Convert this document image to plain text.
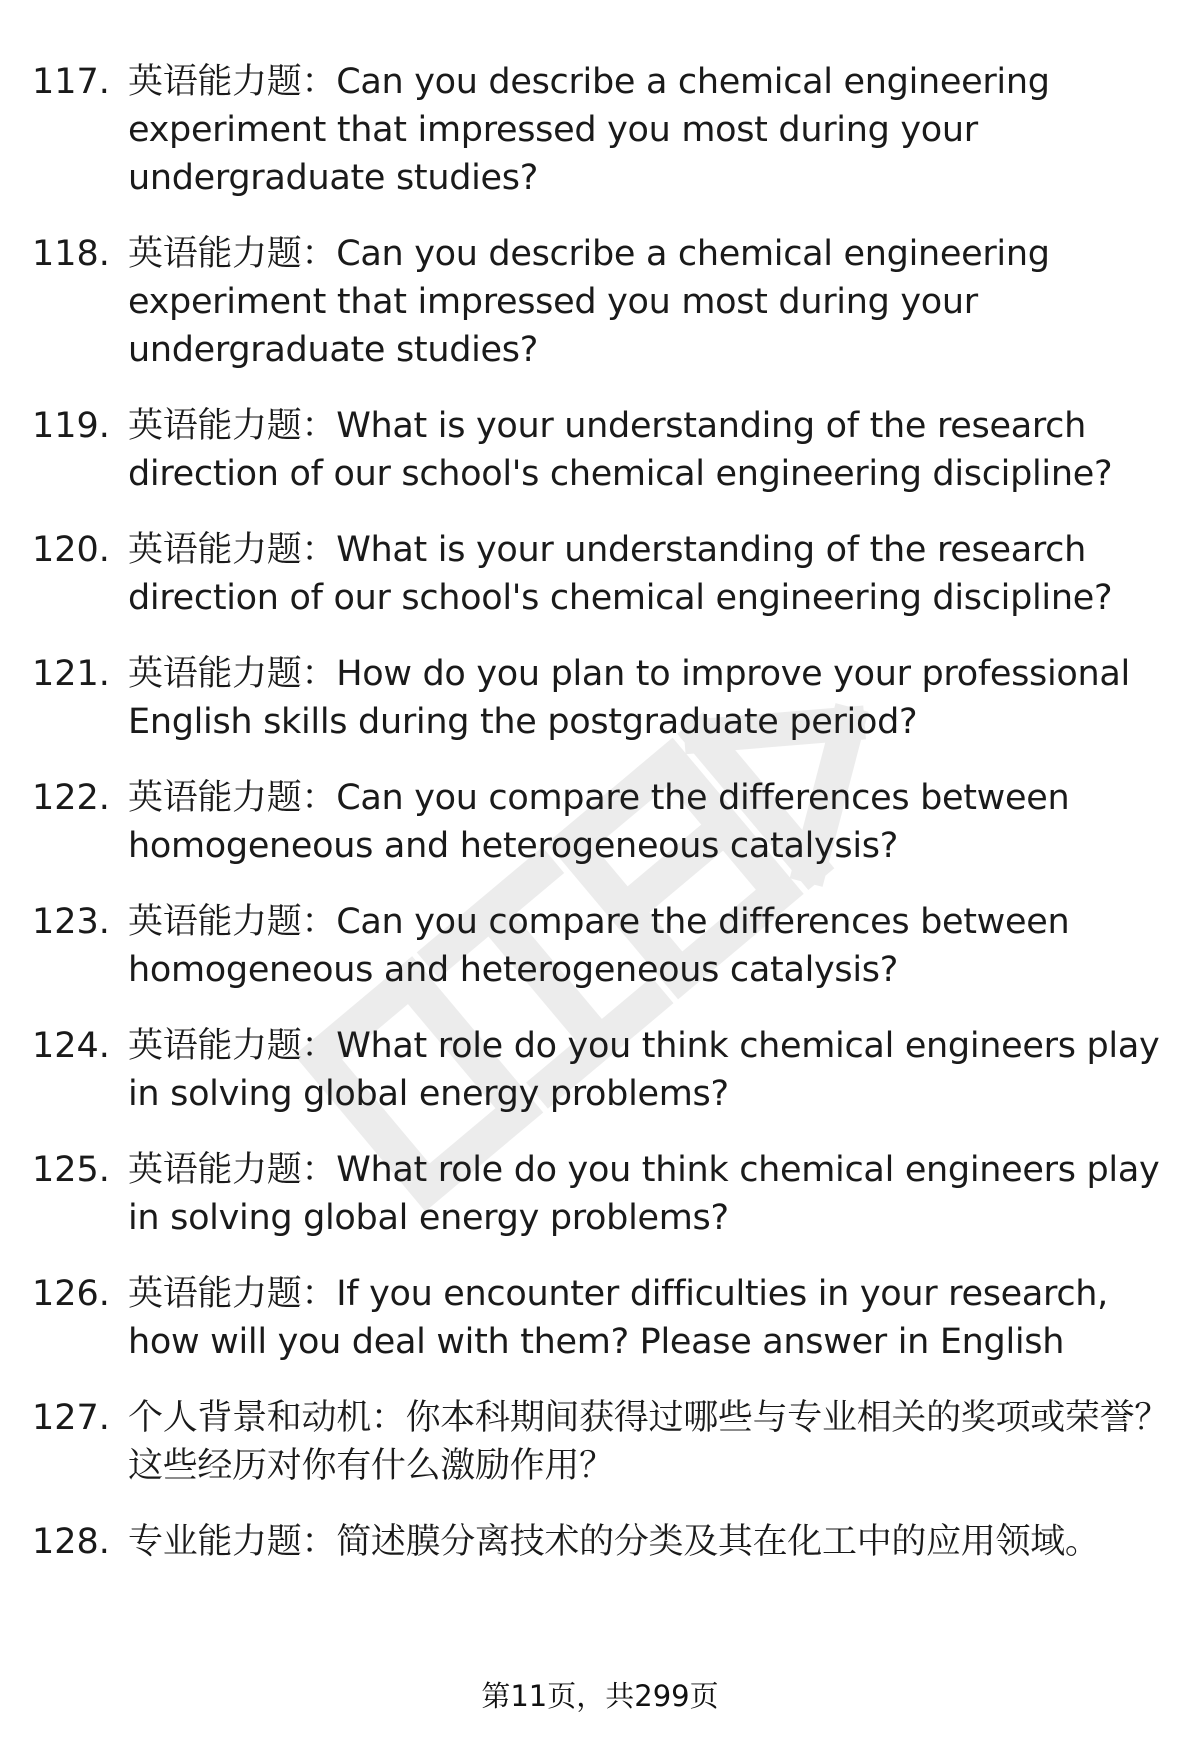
117. 英语能力题：Can you describe a chemical engineering experiment that impressed you most during your undergraduate studies?
118. 英语能力题：Can you describe a chemical engineering experiment that impressed you most during your undergraduate studies?
119. 英语能力题：What is your understanding of the research direction of our school's chemical engineering discipline?
120. 英语能力题：What is your understanding of the research direction of our school's chemical engineering discipline?
121. 英语能力题：How do you plan to improve your professional English skills during the postgraduate period?
122. 英语能力题：Can you compare the differences between homogeneous and heterogeneous catalysis?
123. 英语能力题：Can you compare the differences between homogeneous and heterogeneous catalysis?
124. 英语能力题：What role do you think chemical engineers play in solving global energy problems?
125. 英语能力题：What role do you think chemical engineers play in solving global energy problems?
126. 英语能力题：If you encounter difficulties in your research, how will you deal with them? Please answer in English
127. 个人背景和动机：你本科期间获得过哪些与专业相关的奖项或荣誉？这些经历对你有什么激励作用？
128. 专业能力题：简述膜分离技术的分类及其在化工中的应用领域。
第11页，共299页
